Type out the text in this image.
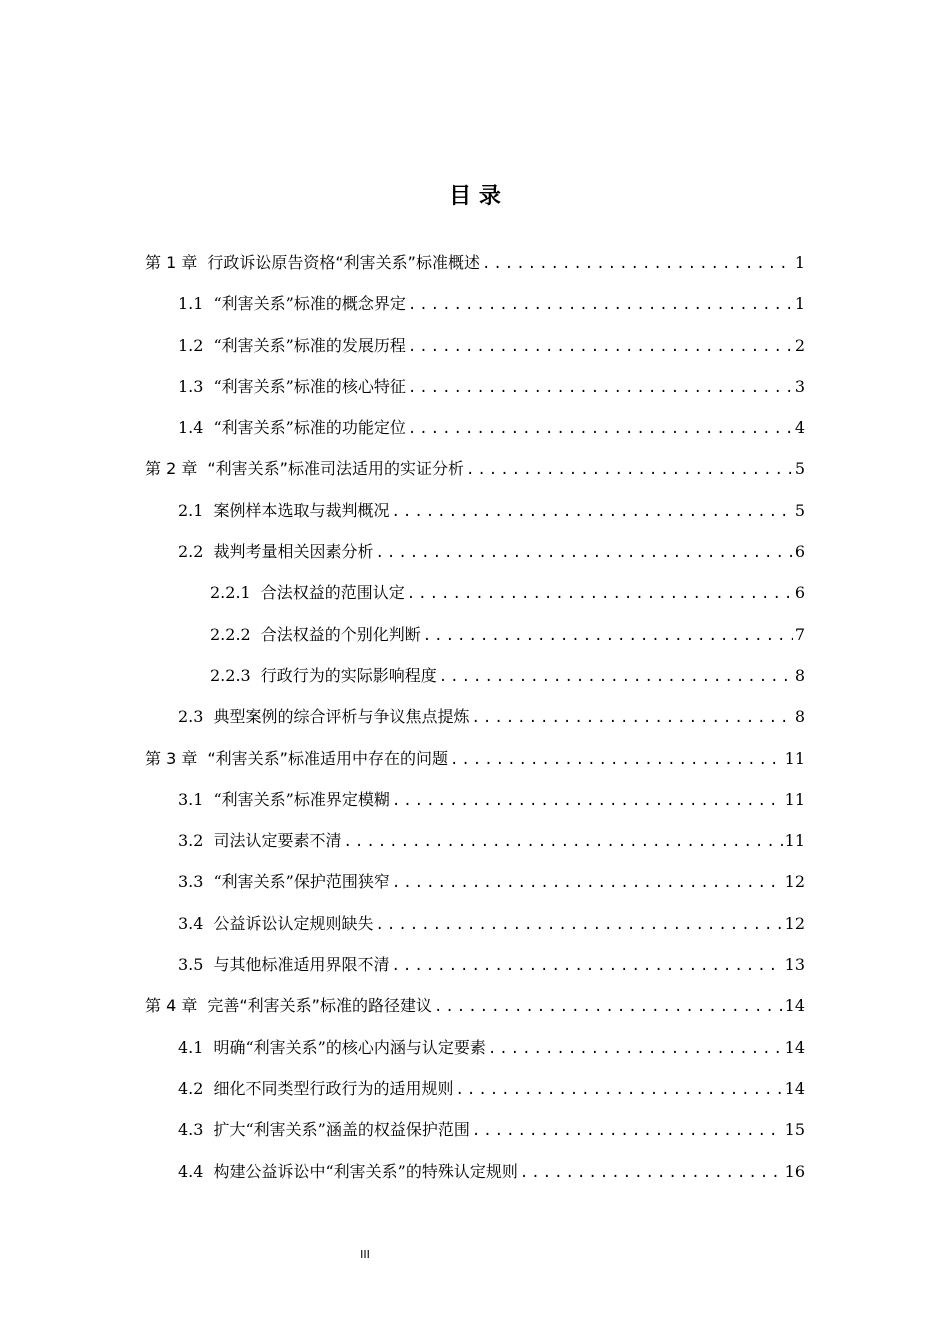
目 录
第 1 章 行政诉讼原告资格“利害关系”标准概述 .....	1
1.1 “利害关系”标准的概念界定 .....	1
1.2 “利害关系”标准的发展历程 .....	2
1.3 “利害关系”标准的核心特征 .....	3
1.4 “利害关系”标准的功能定位 .....	4
第 2 章 “利害关系”标准司法适用的实证分析 .....	5
2.1 案例样本选取与裁判概况 .....	5
2.2 裁判考量相关因素分析 .....	6
2.2.1 合法权益的范围认定 .....	6
2.2.2 合法权益的个别化判断 .....	7
2.2.3 行政行为的实际影响程度 .....	8
2.3 典型案例的综合评析与争议焦点提炼 .....	8
第 3 章 “利害关系”标准适用中存在的问题 .....	11
3.1 “利害关系”标准界定模糊 .....	11
3.2 司法认定要素不清 .....	11
3.3 “利害关系”保护范围狭窄 .....	12
3.4 公益诉讼认定规则缺失 .....	12
3.5 与其他标准适用界限不清 .....	13
第 4 章 完善“利害关系”标准的路径建议 .....	14
4.1 明确“利害关系”的核心内涵与认定要素 .....	14
4.2 细化不同类型行政行为的适用规则 .....	14
4.3 扩大“利害关系”涵盖的权益保护范围 .....	15
4.4 构建公益诉讼中“利害关系”的特殊认定规则 .....	16
III
